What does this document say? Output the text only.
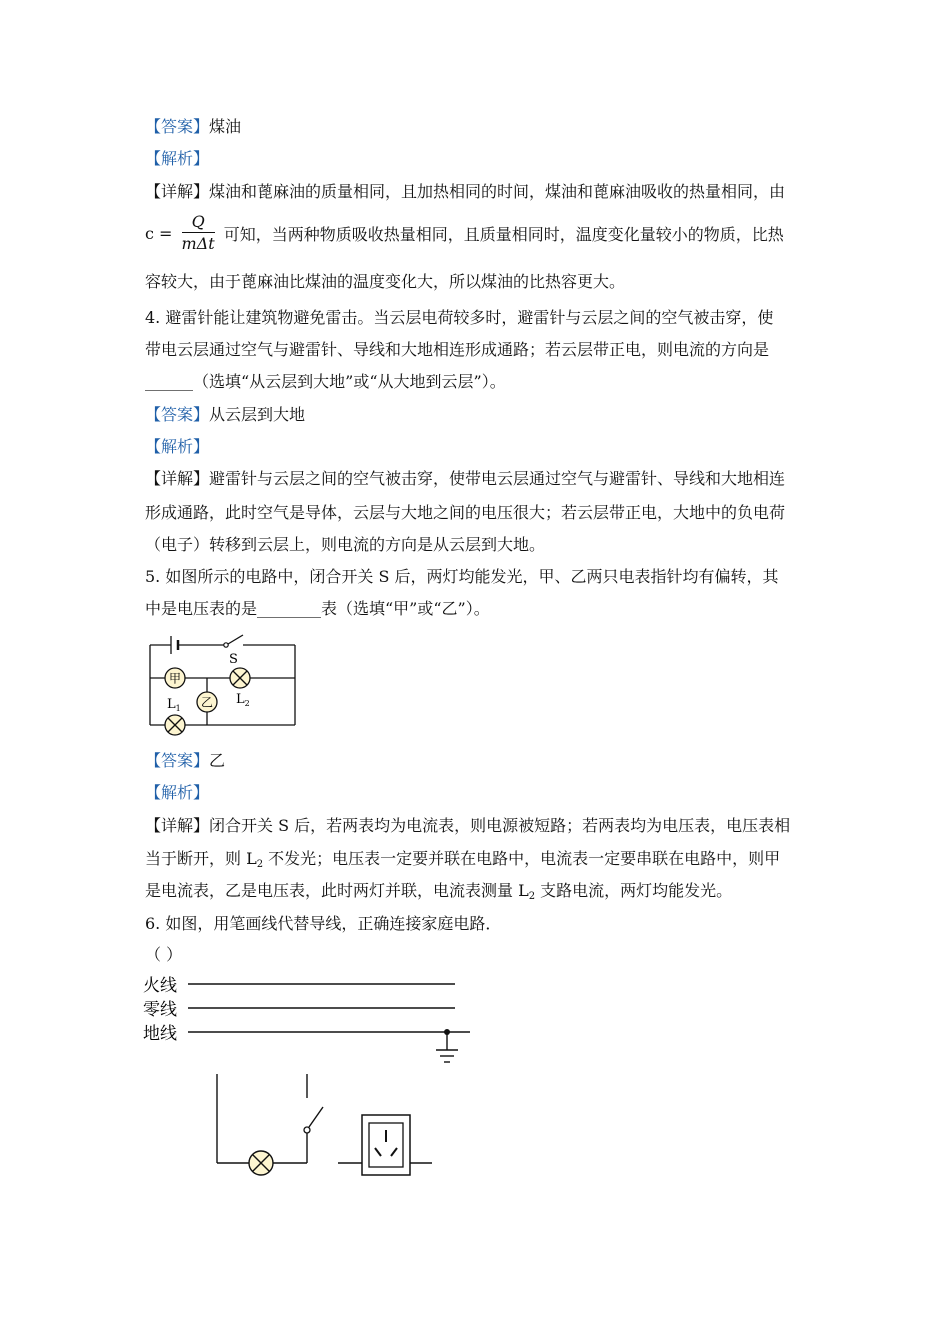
【答案】煤油
【解析】
【详解】煤油和蓖麻油的质量相同，且加热相同的时间，煤油和蓖麻油吸收的热量相同，由
$c = \frac{Q}{\text{mΔt}}$ 可知，当两种物质吸收热量相同，且质量相同时，温度变化量较小的物质，比热
容较大，由于蓖麻油比煤油的温度变化大，所以煤油的比热容更大。
4. 避雷针能让建筑物避免雷击。当云层电荷较多时，避雷针与云层之间的空气被击穿，使
带电云层通过空气与避雷针、导线和大地相连形成通路；若云层带正电，则电流的方向是
______（选填“从云层到大地”或“从大地到云层”）。
【答案】从云层到大地
【解析】
【详解】避雷针与云层之间的空气被击穿，使带电云层通过空气与避雷针、导线和大地相连
形成通路，此时空气是导体，云层与大地之间的电压很大；若云层带正电，大地中的负电荷
（电子）转移到云层上，则电流的方向是从云层到大地。
5. 如图所示的电路中，闭合开关 S 后，两灯均能发光，甲、乙两只电表指针均有偏转，其
中是电压表的是________表（选填“甲”或“乙”）。
S
甲
$L_2$
乙
$L_1$
【答案】乙
【解析】
【详解】闭合开关 S 后，若两表均为电流表，则电源被短路；若两表均为电压表，电压表相
当于断开，则 $L_2$ 不发光；电压表一定要并联在电路中，电流表一定要串联在电路中，则甲
是电流表，乙是电压表，此时两灯并联，电流表测量 $L_2$ 支路电流，两灯均能发光。
6. 如图，用笔画线代替导线，正确连接家庭电路．
（ ）
火线
零线
地线
